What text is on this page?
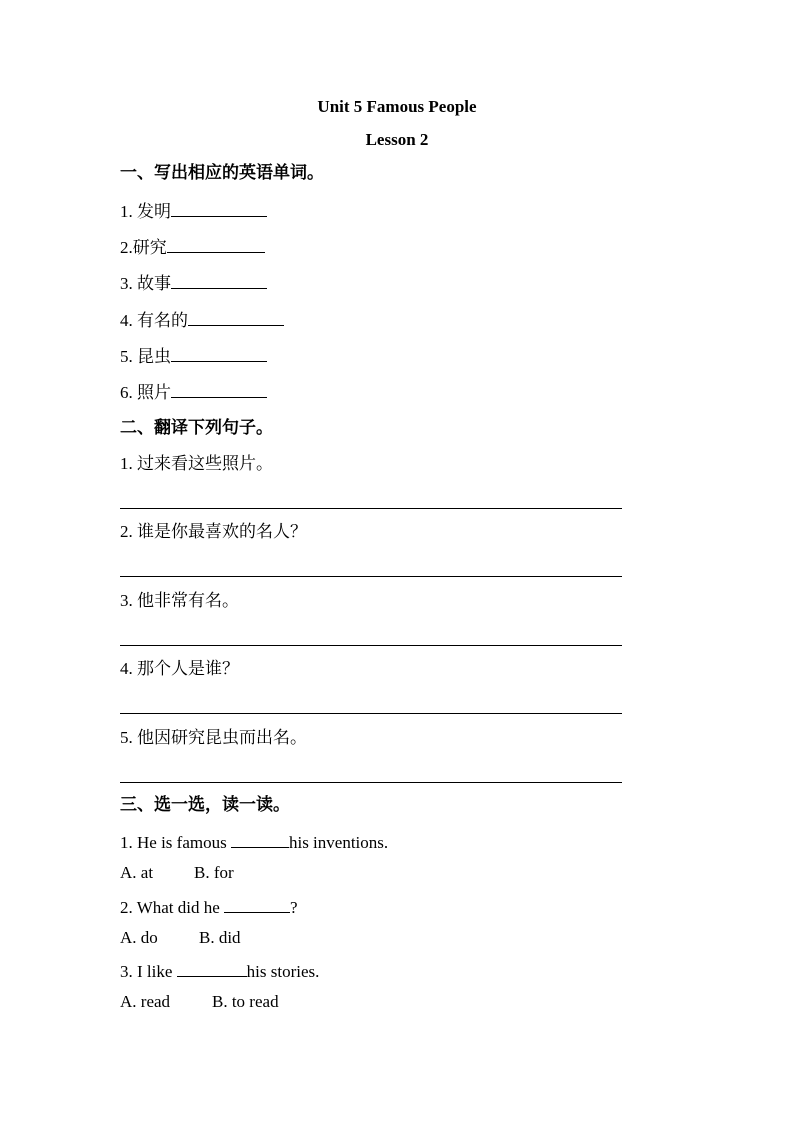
Unit 5 Famous People
Lesson 2
一、写出相应的英语单词。
1. 发明
2.研究
3. 故事
4. 有名的
5. 昆虫
6. 照片
二、翻译下列句子。
1. 过来看这些照片。
2. 谁是你最喜欢的名人？
3. 他非常有名。
4. 那个人是谁？
5. 他因研究昆虫而出名。
三、选一选，读一读。
1. He is famous	his inventions.
A. at B. for
2. What did he	?
A. do B. did
3. I like	his stories.
A. read B. to read
